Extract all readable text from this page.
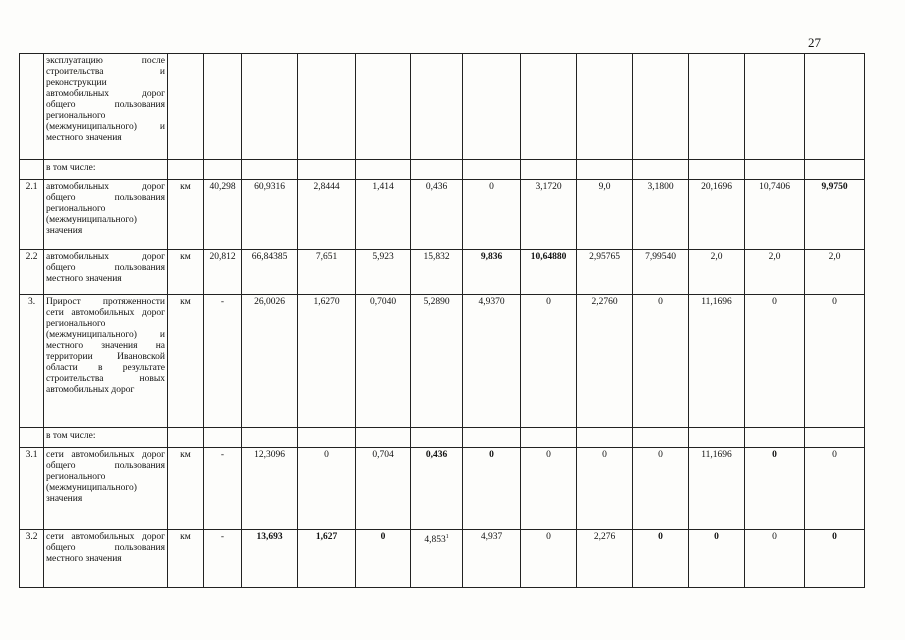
27
	эксплуатацию после строительства и реконструкции автомобильных дорог общего пользования регионального (межмуниципального) и местного значения													
	в том числе:													
2.1	автомобильных дорог общего пользования регионального (межмуниципального) значения	км	40,298	60,9316	2,8444	1,414	0,436	0	3,1720	9,0	3,1800	20,1696	10,7406	9,9750
2.2	автомобильных дорог общего пользования местного значения	км	20,812	66,84385	7,651	5,923	15,832	9,836	10,64880	2,95765	7,99540	2,0	2,0	2,0
3.	Прирост протяженности сети автомобильных дорог регионального (межмуниципального) и местного значения на территории Ивановской области в результате строительства новых автомобильных дорог	км	-	26,0026	1,6270	0,7040	5,2890	4,9370	0	2,2760	0	11,1696	0	0
	в том числе:													
3.1	сети автомобильных дорог общего пользования регионального (межмуниципального) значения	км	-	12,3096	0	0,704	0,436	0	0	0	0	11,1696	0	0
3.2	сети автомобильных дорог общего пользования местного значения	км	-	13,693	1,627	0	4,853$^1$	4,937	0	2,276	0	0	0	0
